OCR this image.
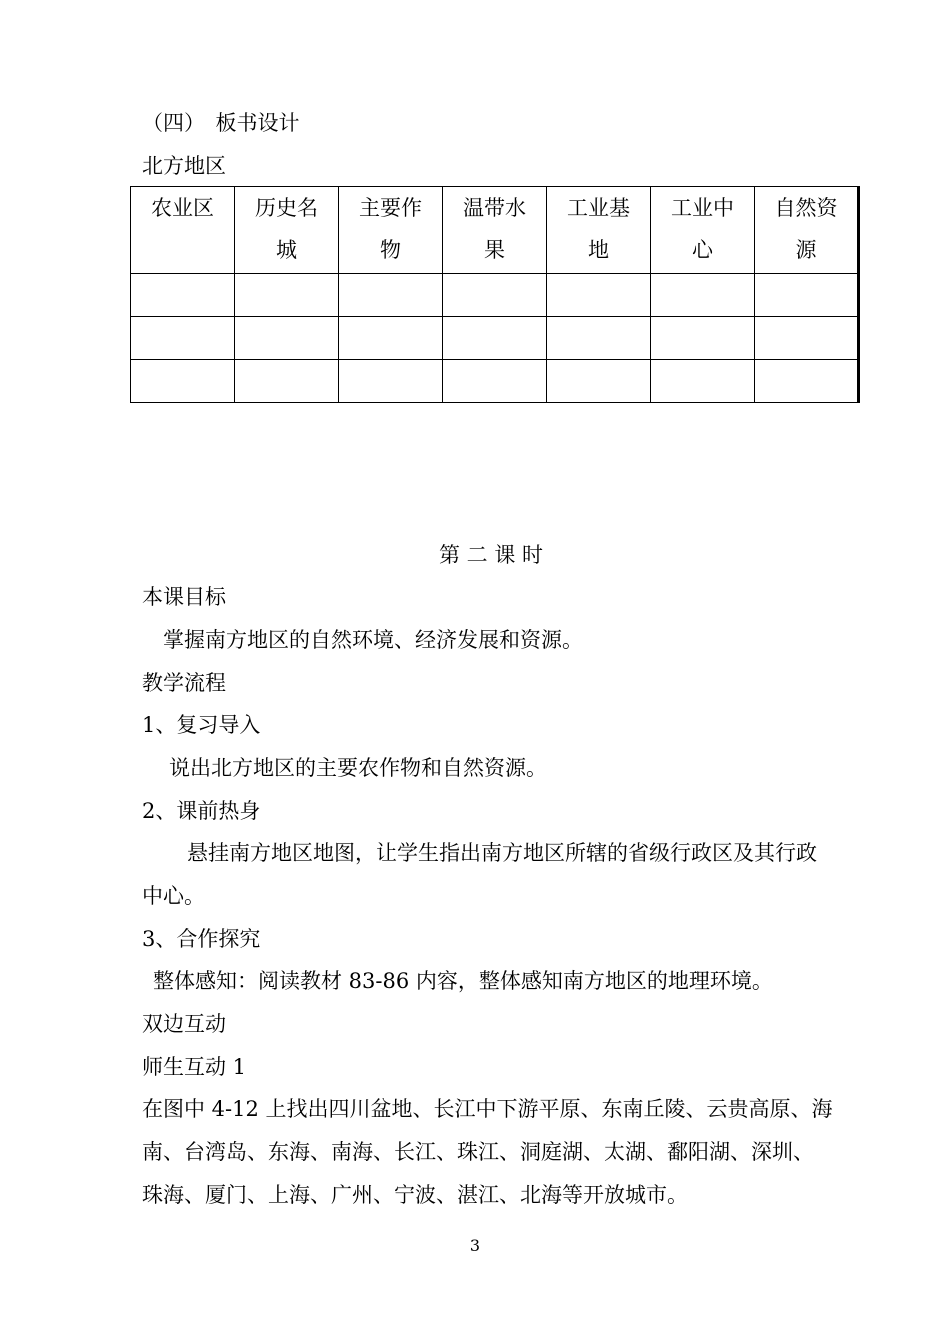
（四）　板书设计
北方地区
农业区	历史名城	主要作物	温带水果	工业基地	工业中心	自然资源

第 二 课 时
本课目标
掌握南方地区的自然环境、经济发展和资源。
教学流程
1、复习导入
说出北方地区的主要农作物和自然资源。
2、课前热身
悬挂南方地区地图，让学生指出南方地区所辖的省级行政区及其行政
中心。
3、合作探究
整体感知：阅读教材 83-86 内容，整体感知南方地区的地理环境。
双边互动
师生互动 1
在图中 4-12 上找出四川盆地、长江中下游平原、东南丘陵、云贵高原、海
南、台湾岛、东海、南海、长江、珠江、洞庭湖、太湖、鄱阳湖、深圳、
珠海、厦门、上海、广州、宁波、湛江、北海等开放城市。
3
